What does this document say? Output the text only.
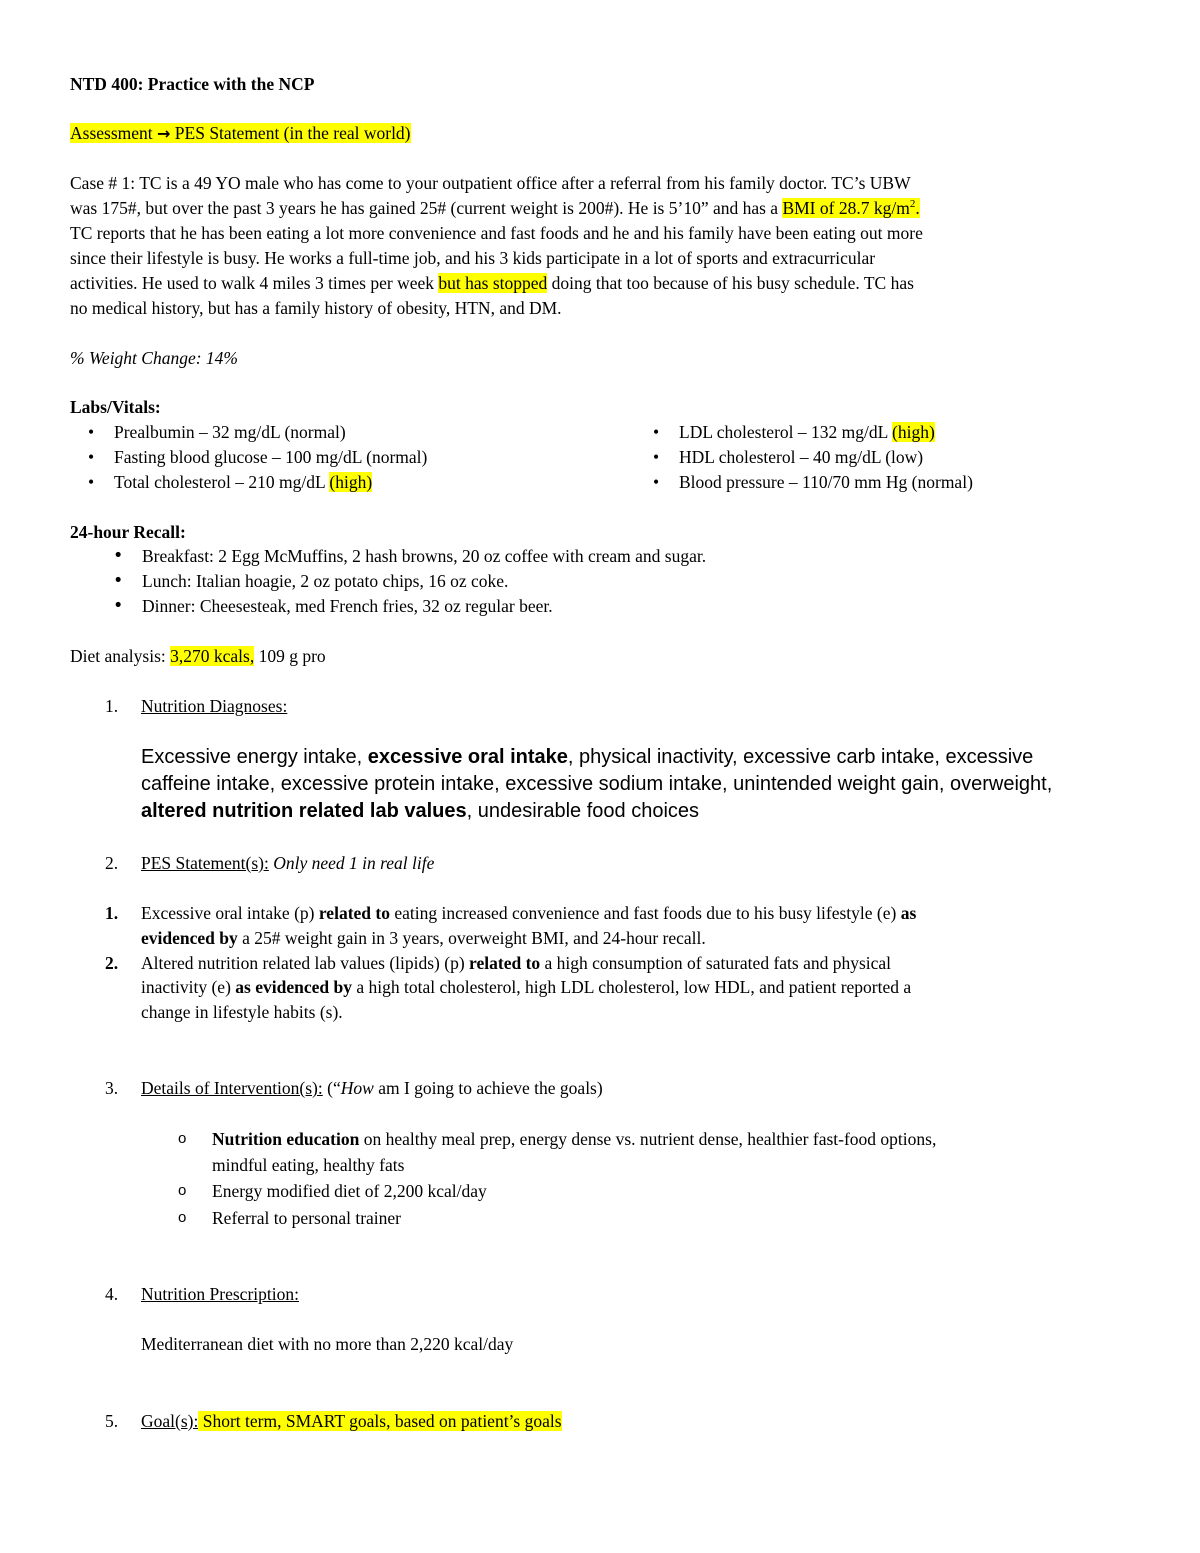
NTD 400: Practice with the NCP
Assessment → PES Statement (in the real world)
Case # 1: TC is a 49 YO male who has come to your outpatient office after a referral from his family doctor. TC’s UBW
was 175#, but over the past 3 years he has gained 25# (current weight is 200#). He is 5’10” and has a BMI of 28.7 $kg/m^2$.
TC reports that he has been eating a lot more convenience and fast foods and he and his family have been eating out more
since their lifestyle is busy. He works a full-time job, and his 3 kids participate in a lot of sports and extracurricular
activities. He used to walk 4 miles 3 times per week but has stopped doing that too because of his busy schedule. TC has
no medical history, but has a family history of obesity, HTN, and DM.
% Weight Change: 14%
Labs/Vitals:
• Prealbumin – 32 mg/dL (normal)
• Fasting blood glucose – 100 mg/dL (normal)
• Total cholesterol – 210 mg/dL (high)
• LDL cholesterol – 132 mg/dL (high)
• HDL cholesterol – 40 mg/dL (low)
• Blood pressure – 110/70 mm Hg (normal)
24-hour Recall:
• Breakfast: 2 Egg McMuffins, 2 hash browns, 20 oz coffee with cream and sugar.
• Lunch: Italian hoagie, 2 oz potato chips, 16 oz coke.
• Dinner: Cheesesteak, med French fries, 32 oz regular beer.
Diet analysis: 3,270 kcals, 109 g pro
1. Nutrition Diagnoses:
Excessive energy intake, excessive oral intake, physical inactivity, excessive carb intake, excessive
caffeine intake, excessive protein intake, excessive sodium intake, unintended weight gain, overweight,
altered nutrition related lab values, undesirable food choices
2. PES Statement(s): Only need 1 in real life
1. Excessive oral intake (p) related to eating increased convenience and fast foods due to his busy lifestyle (e) as
evidenced by a 25# weight gain in 3 years, overweight BMI, and 24-hour recall.
2. Altered nutrition related lab values (lipids) (p) related to a high consumption of saturated fats and physical
inactivity (e) as evidenced by a high total cholesterol, high LDL cholesterol, low HDL, and patient reported a
change in lifestyle habits (s).
3. Details of Intervention(s): (“How am I going to achieve the goals)
o Nutrition education on healthy meal prep, energy dense vs. nutrient dense, healthier fast-food options,
mindful eating, healthy fats
o Energy modified diet of 2,200 kcal/day
o Referral to personal trainer
4. Nutrition Prescription:
Mediterranean diet with no more than 2,220 kcal/day
5. Goal(s): Short term, SMART goals, based on patient’s goals
